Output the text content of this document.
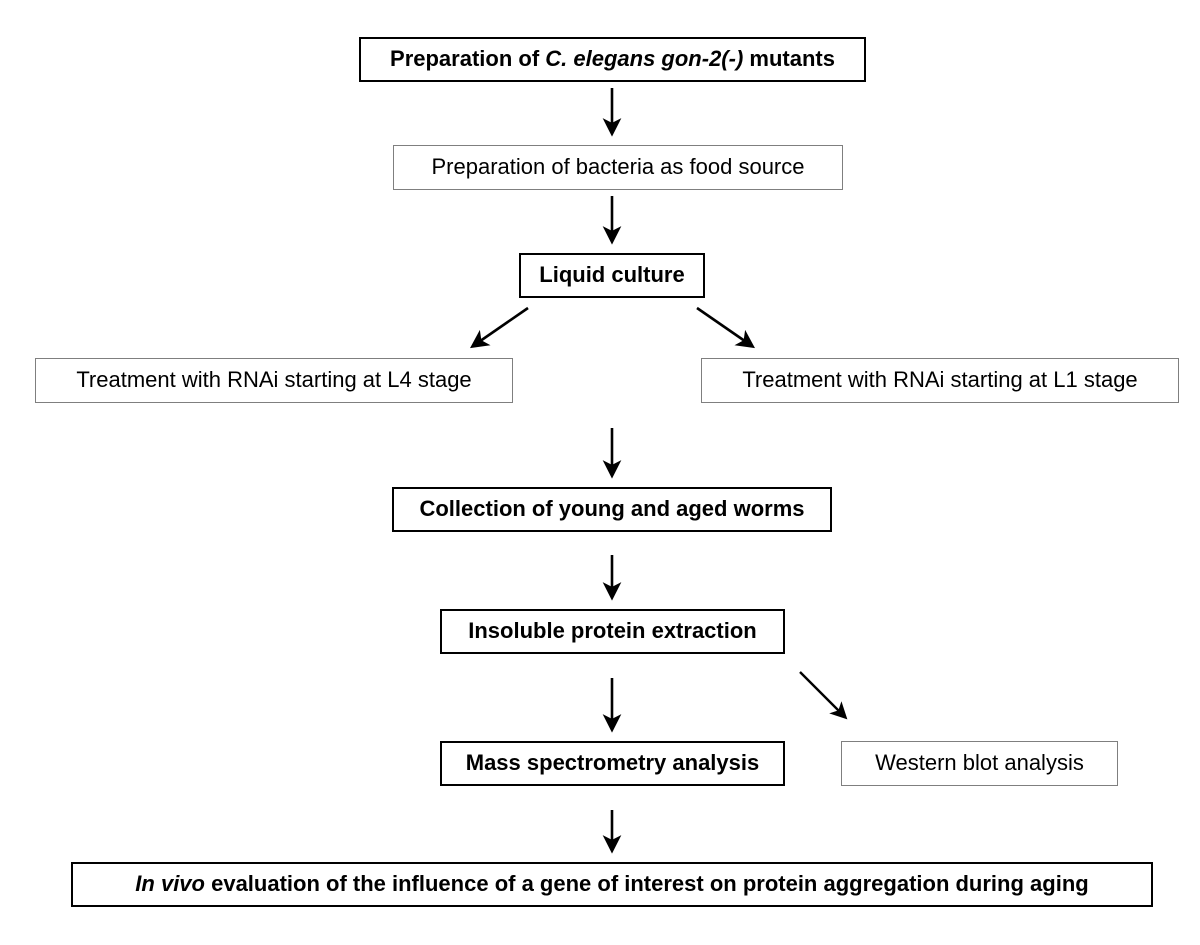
Preparation of C. elegans gon-2(-) mutants
Preparation of bacteria as food source
Liquid culture
Treatment with RNAi starting at L4 stage	Treatment with RNAi starting at L1 stage
Collection of young and aged worms
Insoluble protein extraction
Mass spectrometry analysis	Western blot analysis
In vivo evaluation of the influence of a gene of interest on protein aggregation during aging
